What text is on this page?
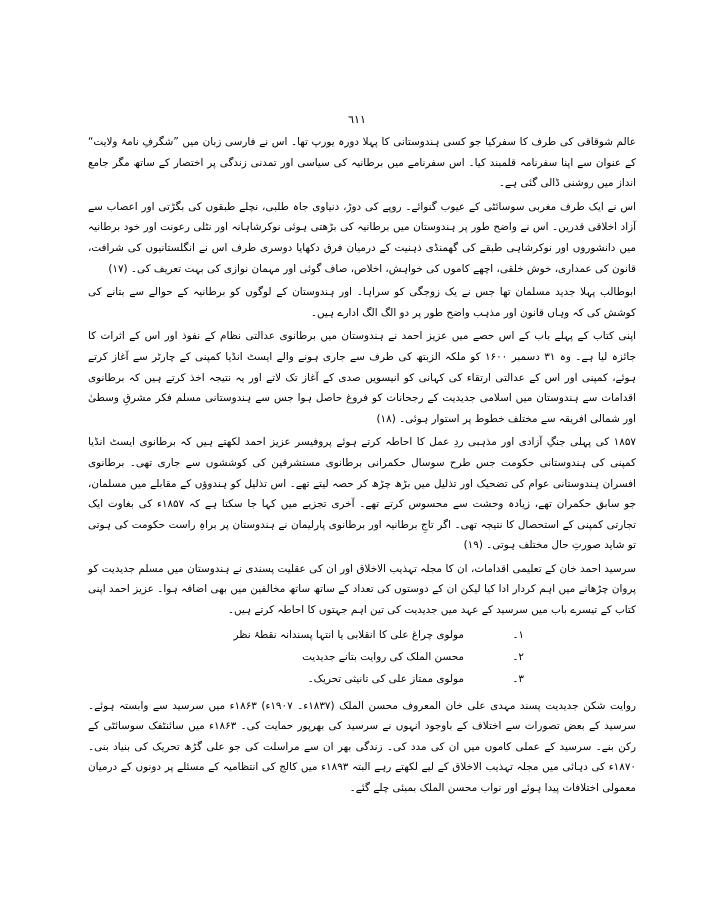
٦١١

عالم شوقاقی کی طرف کا سفرکیا جو کسی ہندوستانی کا پہلا دورہ یورپ تھا۔ اس نے فارسی زبان میں ”شگرفِ نامۂ ولایت“ کے عنوان سے اپنا سفرنامہ قلمبند کیا۔ اس سفرنامے میں برطانیہ کی سیاسی اور تمدنی زندگی پر اختصار کے ساتھ مگر جامع انداز میں روشنی ڈالی گئی ہے۔

اس نے ایک طرف مغربی سوسائٹی کے عیوب گنوائے۔ روپے کی دوڑ، دنیاوی جاہ طلبی، نچلے طبقوں کی بگڑتی اور اعصاب سے آزاد اخلاقی قدریں۔ اس نے واضح طور پر ہندوستان میں برطانیہ کی بڑھتی ہوئی نوکرشاہانہ اور نٹلی رعونت اور خود برطانیہ میں دانشوروں اور نوکرشاہی طبقے کی گھمنڈی ذہنیت کے درمیان فرق دکھایا دوسری طرف اس نے انگلستانیوں کی شرافت، قانون کی عمداری، خوش خلقی، اچھے کاموں کی خواہش، اخلاص، صاف گوئی اور مہمان نوازی کی بہت تعریف کی۔ (١٧)

ابوطالب پہلا جدید مسلمان تھا جس نے یک زوجگی کو سراہا۔ اور ہندوستان کے لوگوں کو برطانیہ کے حوالے سے بتانے کی کوشش کی کہ وہاں قانون اور مذہب واضح طور پر دو الگ الگ ادارے ہیں۔

اپنی کتاب کے پہلے باب کے اس حصے میں عزیز احمد نے ہندوستان میں برطانوی عدالتی نظام کے نفوذ اور اس کے اثرات کا جائزہ لیا ہے۔ وہ ۳۱ دسمبر ۱۶۰۰ کو ملکہ الزبتھ کی طرف سے جاری ہونے والے ایسٹ انڈیا کمپنی کے چارٹر سے آغاز کرتے ہوئے، کمپنی اور اس کے عدالتی ارتقاء کی کہانی کو انیسویں صدی کے آغاز تک لاتے اور یہ نتیجہ اخذ کرتے ہیں کہ برطانوی اقدامات سے ہندوستان میں اسلامی جدیدیت کے رجحانات کو فروغ حاصل ہوا جس سے ہندوستانی مسلم فکر مشرقِ وسطیٰ اور شمالی افریقہ سے مختلف خطوط پر استوار ہوئی۔ (١٨)

۱۸۵۷ کی پہلی جنگِ آزادی اور مذہبی ردِ عمل کا احاطہ کرتے ہوئے پروفیسر عزیز احمد لکھتے ہیں کہ برطانوی ایسٹ انڈیا کمپنی کی ہندوستانی حکومت جس طرح سوسال حکمرانی برطانوی مستشرقین کی کوششوں سے جاری تھی۔ برطانوی افسران ہندوستانی عوام کی تضحیک اور تذلیل میں بڑھ چڑھ کر حصہ لیتے تھے۔ اس تذلیل کو ہندوؤں کے مقابلے میں مسلمان، جو سابق حکمران تھے، زیادہ وحشت سے محسوس کرتے تھے۔ آخری تجزیے میں کہا جا سکتا ہے کہ ۱۸۵۷ء کی بغاوت ایک تجارتی کمپنی کے استحصال کا نتیجہ تھی۔ اگر تاجِ برطانیہ اور برطانوی پارلیمان نے ہندوستان پر براہِ راست حکومت کی ہوتی تو شاید صورتِ حال مختلف ہوتی۔ (١٩)

سرسید احمد خان کے تعلیمی اقدامات، ان کا مجلہ تہذیب الاخلاق اور ان کی عقلیت پسندی نے ہندوستان میں مسلم جدیدیت کو پروان چڑھانے میں اہم کردار ادا کیا لیکن ان کے دوستوں کی تعداد کے ساتھ ساتھ مخالفین میں بھی اضافہ ہوا۔ عزیز احمد اپنی کتاب کے تیسرے باب میں سرسید کے عہد میں جدیدیت کی تین اہم جہتوں کا احاطہ کرتے ہیں۔

۱۔
مولوی چراغ علی کا انقلابی یا انتہا پسندانہ نقطۂ نظر
۲۔
محسن الملک کی روایت بتانے جدیدیت
۳۔
مولوی ممتاز علی کی تانیثی تحریک۔

روایت شکن جدیدیت پسند مہدی علی خان المعروف محسن الملک (۱۸۳۷ء۔ ۱۹۰۷ء) ۱۸۶۳ء میں سرسید سے وابستہ ہوئے۔ سرسید کے بعض تصورات سے اختلاف کے باوجود انہوں نے سرسید کی بھرپور حمایت کی۔ ۱۸۶۳ء میں سائنٹفک سوسائٹی کے رکن بنے۔ سرسید کے عملی کاموں میں ان کی مدد کی۔ زندگی بھر ان سے مراسلت کی جو علی گڑھ تحریک کی بنیاد بنی۔ ۱۸۷۰ء کی دہائی میں مجلہ تہذیب الاخلاق کے لیے لکھتے رہے البتہ ۱۸۹۳ء میں کالج کی انتظامیہ کے مسئلے پر دونوں کے درمیان معمولی اختلافات پیدا ہوئے اور نواب محسن الملک بمبئی چلے گئے۔
